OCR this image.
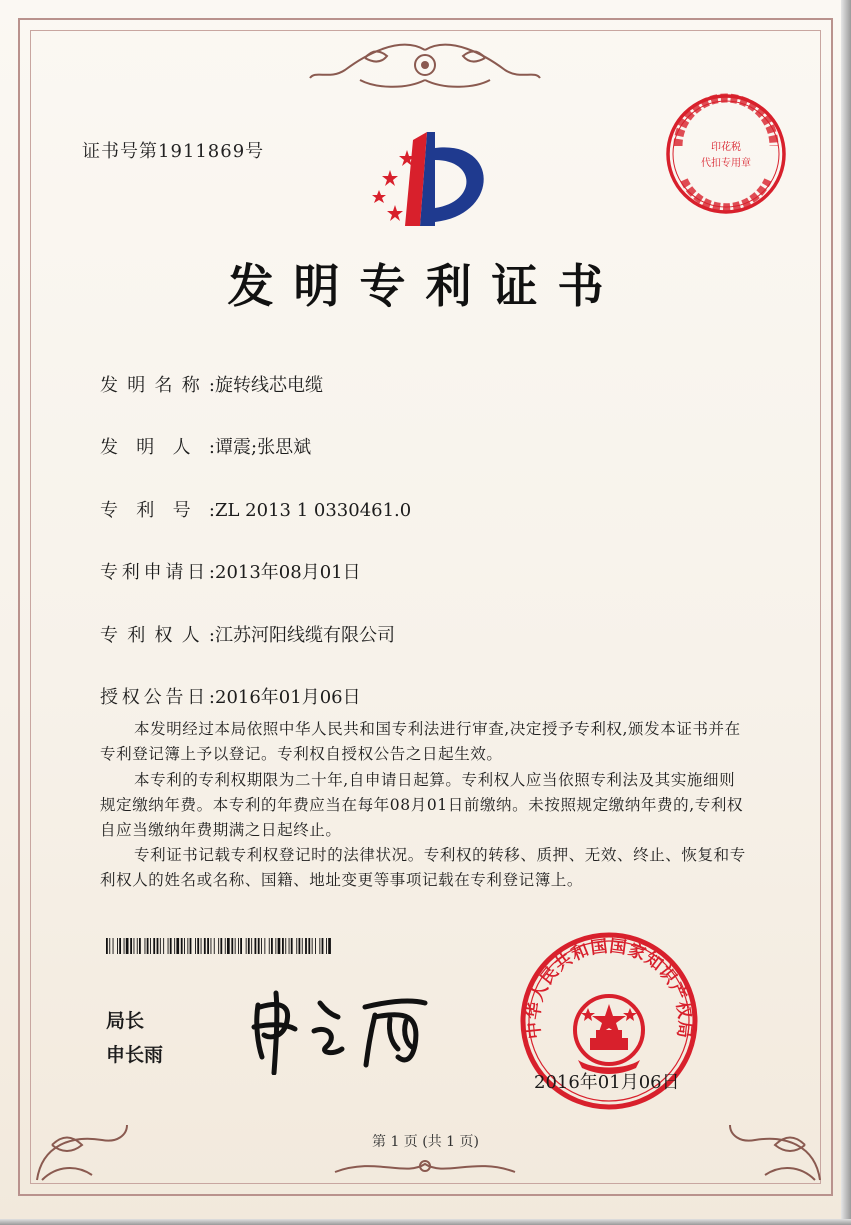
证书号第1911869号	印花税
代扣专用章
发明专利证书
发明名称:旋转线芯电缆
发明人:谭震;张思斌
专利号:ZL 2013 1 0330461.0
专利申请日:2013年08月01日
专利权人:江苏河阳线缆有限公司
授权公告日:2016年01月06日
本发明经过本局依照中华人民共和国专利法进行审查,决定授予专利权,颁发本证书并在专利登记簿上予以登记。专利权自授权公告之日起生效。
本专利的专利权期限为二十年,自申请日起算。专利权人应当依照专利法及其实施细则规定缴纳年费。本专利的年费应当在每年08月01日前缴纳。未按照规定缴纳年费的,专利权自应当缴纳年费期满之日起终止。
专利证书记载专利权登记时的法律状况。专利权的转移、质押、无效、终止、恢复和专利权人的姓名或名称、国籍、地址变更等事项记载在专利登记簿上。
局长
申长雨
中华人民共和国国家知识产权局
2016年01月06日
第 1 页 (共 1 页)
